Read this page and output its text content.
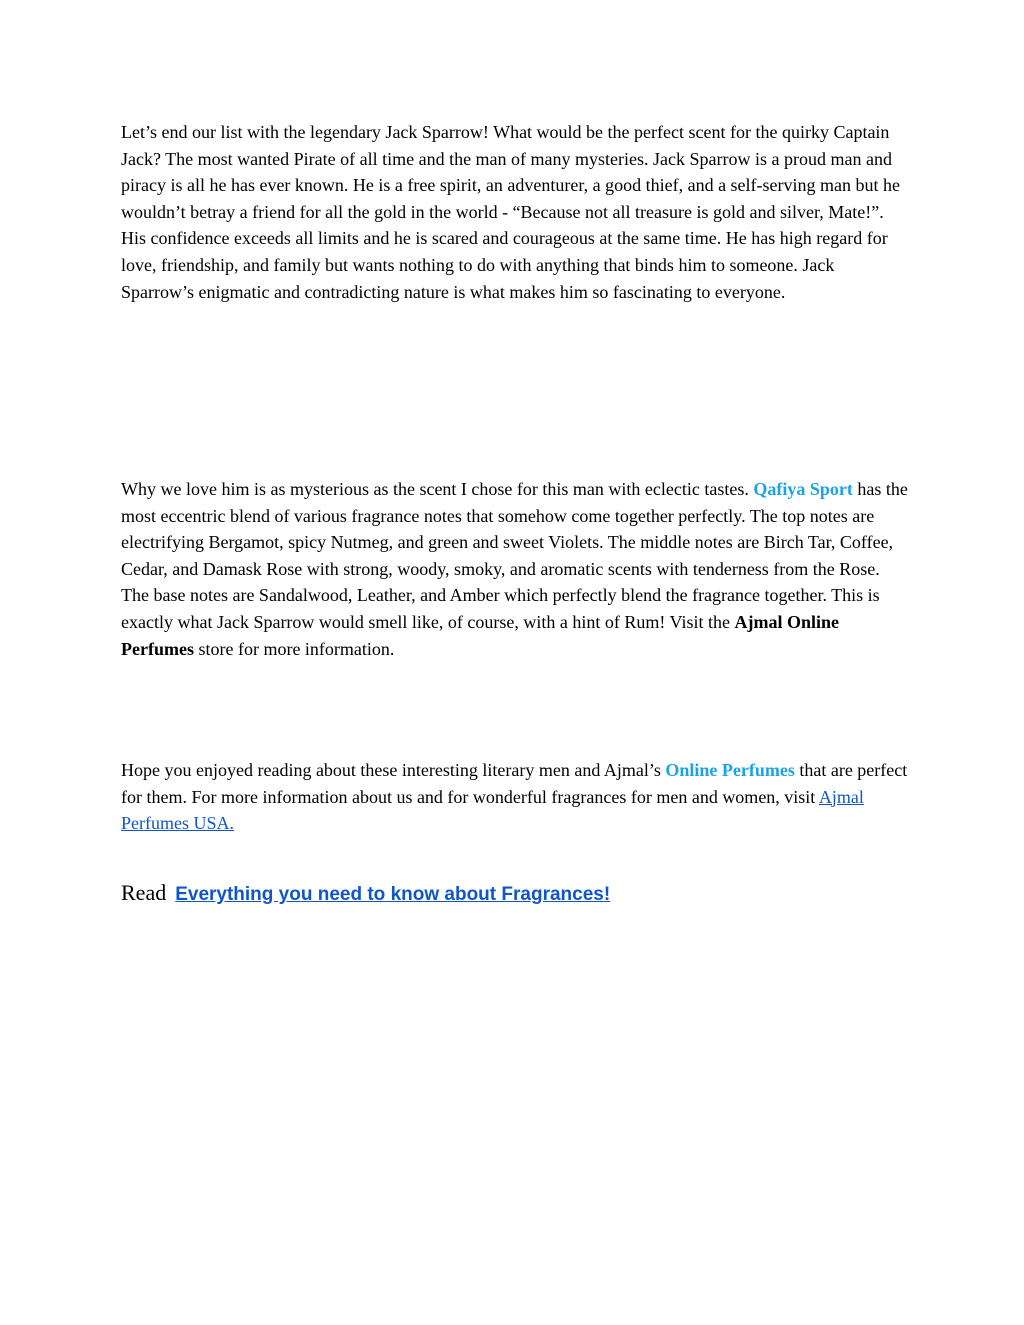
Let’s end our list with the legendary Jack Sparrow! What would be the perfect scent for the quirky Captain Jack? The most wanted Pirate of all time and the man of many mysteries. Jack Sparrow is a proud man and piracy is all he has ever known. He is a free spirit, an adventurer, a good thief, and a self-serving man but he wouldn’t betray a friend for all the gold in the world - “Because not all treasure is gold and silver, Mate!”. His confidence exceeds all limits and he is scared and courageous at the same time. He has high regard for love, friendship, and family but wants nothing to do with anything that binds him to someone. Jack Sparrow’s enigmatic and contradicting nature is what makes him so fascinating to everyone.

Why we love him is as mysterious as the scent I chose for this man with eclectic tastes. Qafiya Sport has the most eccentric blend of various fragrance notes that somehow come together perfectly. The top notes are electrifying Bergamot, spicy Nutmeg, and green and sweet Violets. The middle notes are Birch Tar, Coffee, Cedar, and Damask Rose with strong, woody, smoky, and aromatic scents with tenderness from the Rose. The base notes are Sandalwood, Leather, and Amber which perfectly blend the fragrance together. This is exactly what Jack Sparrow would smell like, of course, with a hint of Rum! Visit the Ajmal Online Perfumes store for more information.

Hope you enjoyed reading about these interesting literary men and Ajmal’s Online Perfumes that are perfect for them. For more information about us and for wonderful fragrances for men and women, visit Ajmal Perfumes USA.

Read Everything you need to know about Fragrances!
